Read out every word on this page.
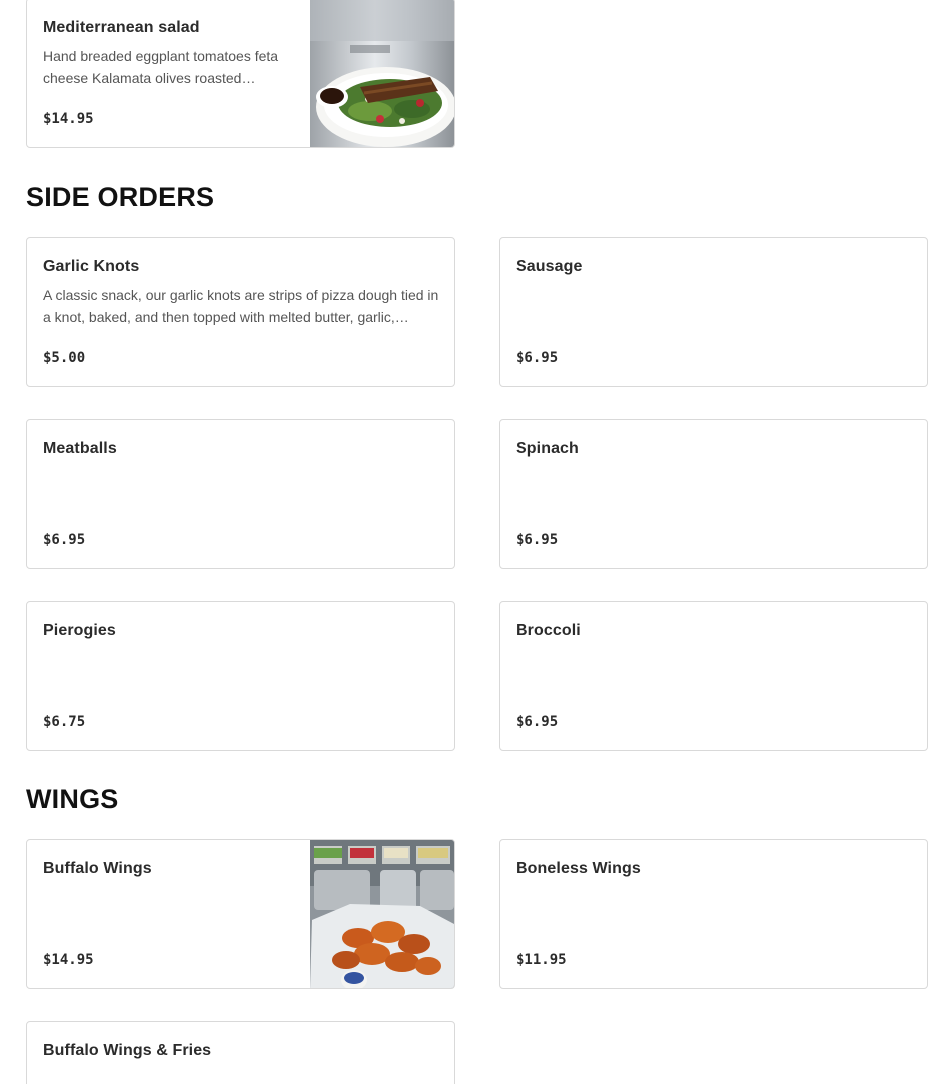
Mediterranean salad
Hand breaded eggplant tomatoes feta cheese Kalamata olives roasted…
$14.95
SIDE ORDERS
Garlic Knots
A classic snack, our garlic knots are strips of pizza dough tied in a knot, baked, and then topped with melted butter, garlic,…
$5.00
Sausage
$6.95
Meatballs
$6.95
Spinach
$6.95
Pierogies
$6.75
Broccoli
$6.95
WINGS
Buffalo Wings
$14.95
Boneless Wings
$11.95
Buffalo Wings & Fries
